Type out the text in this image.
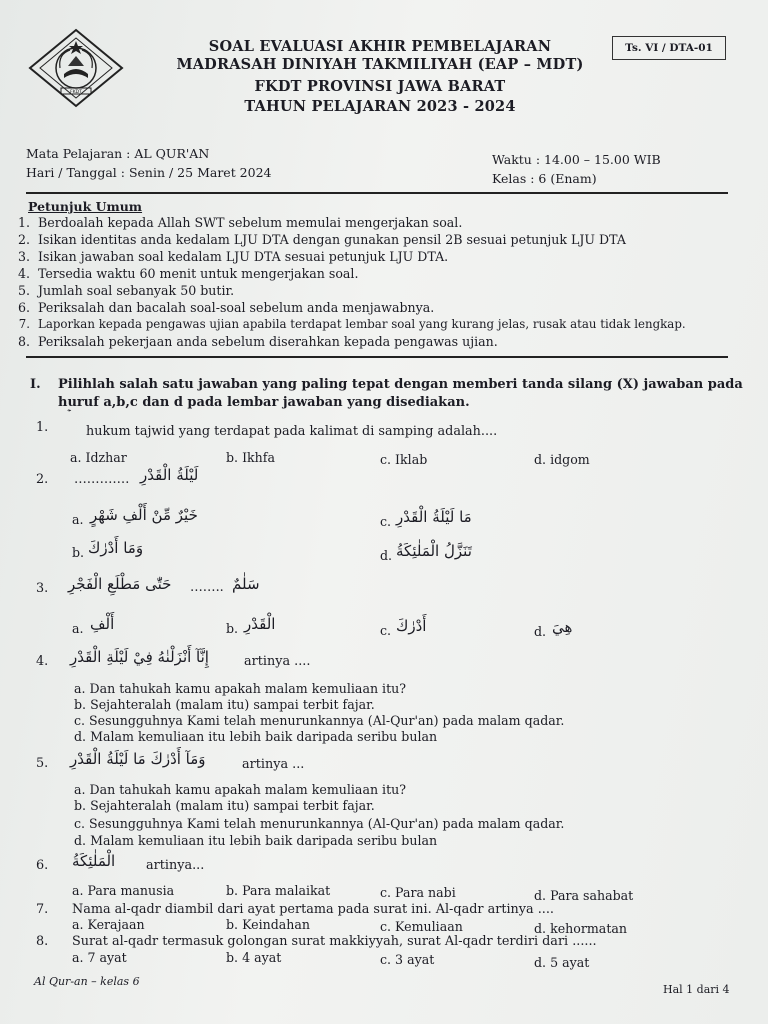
FKDT
SOAL EVALUASI AKHIR PEMBELAJARAN
MADRASAH DINIYAH TAKMILIYAH (EAP – MDT)
FKDT PROVINSI JAWA BARAT
TAHUN PELAJARAN 2023 - 2024
Ts. VI / DTA-01
Mata Pelajaran : AL QUR'AN
Hari / Tanggal : Senin / 25 Maret 2024
Waktu : 14.00 – 15.00 WIB
Kelas : 6 (Enam)
Petunjuk Umum
1. Berdoalah kepada Allah SWT sebelum memulai mengerjakan soal.
2. Isikan identitas anda kedalam LJU DTA dengan gunakan pensil 2B sesuai petunjuk LJU DTA
3. Isikan jawaban soal kedalam LJU DTA sesuai petunjuk LJU DTA.
4. Tersedia waktu 60 menit untuk mengerjakan soal.
5. Jumlah soal sebanyak 50 butir.
6. Periksalah dan bacalah soal-soal sebelum anda menjawabnya.
7. Laporkan kepada pengawas ujian apabila terdapat lembar soal yang kurang jelas, rusak atau tidak lengkap.
8. Periksalah pekerjaan anda sebelum diserahkan kepada pengawas ujian.
I. Pilihlah salah satu jawaban yang paling tepat dengan memberi tanda silang (X) jawaban pada
huruf a,b,c dan d pada lembar jawaban yang disediakan.
1.	hukum tajwid yang terdapat pada kalimat di samping adalah....
a. Idzhar	b. Ikhfa	c. Iklab	d. idgom
2. …………. لَيْلَةُ الْقَدْرِ
a. خَيْرٌ مِّنْ أَلْفِ شَهْرٍ	c. مَا لَيْلَةُ الْقَدْرِ
b. وَمَا أَدْرٰكَ	d. تَنَزَّلُ الْمَلٰئِكَةُ
3. حَتّٰى مَطْلَعِ الْفَجْرِ …….. سَلٰمٌ
a. أَلْفِ	b. الْقَدْرِ	c. أَدْرٰكَ	d. هِيَ
4. إِنَّآ أَنْزَلْنٰهُ فِيْ لَيْلَةِ الْقَدْرِ	artinya ....
a. Dan tahukah kamu apakah malam kemuliaan itu?
b. Sejahteralah (malam itu) sampai terbit fajar.
c. Sesungguhnya Kami telah menurunkannya (Al-Qur'an) pada malam qadar.
d. Malam kemuliaan itu lebih baik daripada seribu bulan
5. وَمَآ أَدْرٰكَ مَا لَيْلَةُ الْقَدْرِ	artinya ...
a. Dan tahukah kamu apakah malam kemuliaan itu?
b. Sejahteralah (malam itu) sampai terbit fajar.
c. Sesungguhnya Kami telah menurunkannya (Al-Qur'an) pada malam qadar.
d. Malam kemuliaan itu lebih baik daripada seribu bulan
6. الْمَلٰئِكَةُ artinya...
a. Para manusia	b. Para malaikat	c. Para nabi	d. Para sahabat
7. Nama al-qadr diambil dari ayat pertama pada surat ini. Al-qadr artinya ....
a. Kerajaan	b. Keindahan	c. Kemuliaan	d. kehormatan
8. Surat al-qadr termasuk golongan surat makkiyyah, surat Al-qadr terdiri dari ......
a. 7 ayat	b. 4 ayat	c. 3 ayat	d. 5 ayat
Al Qur-an – kelas 6
Hal 1 dari 4
